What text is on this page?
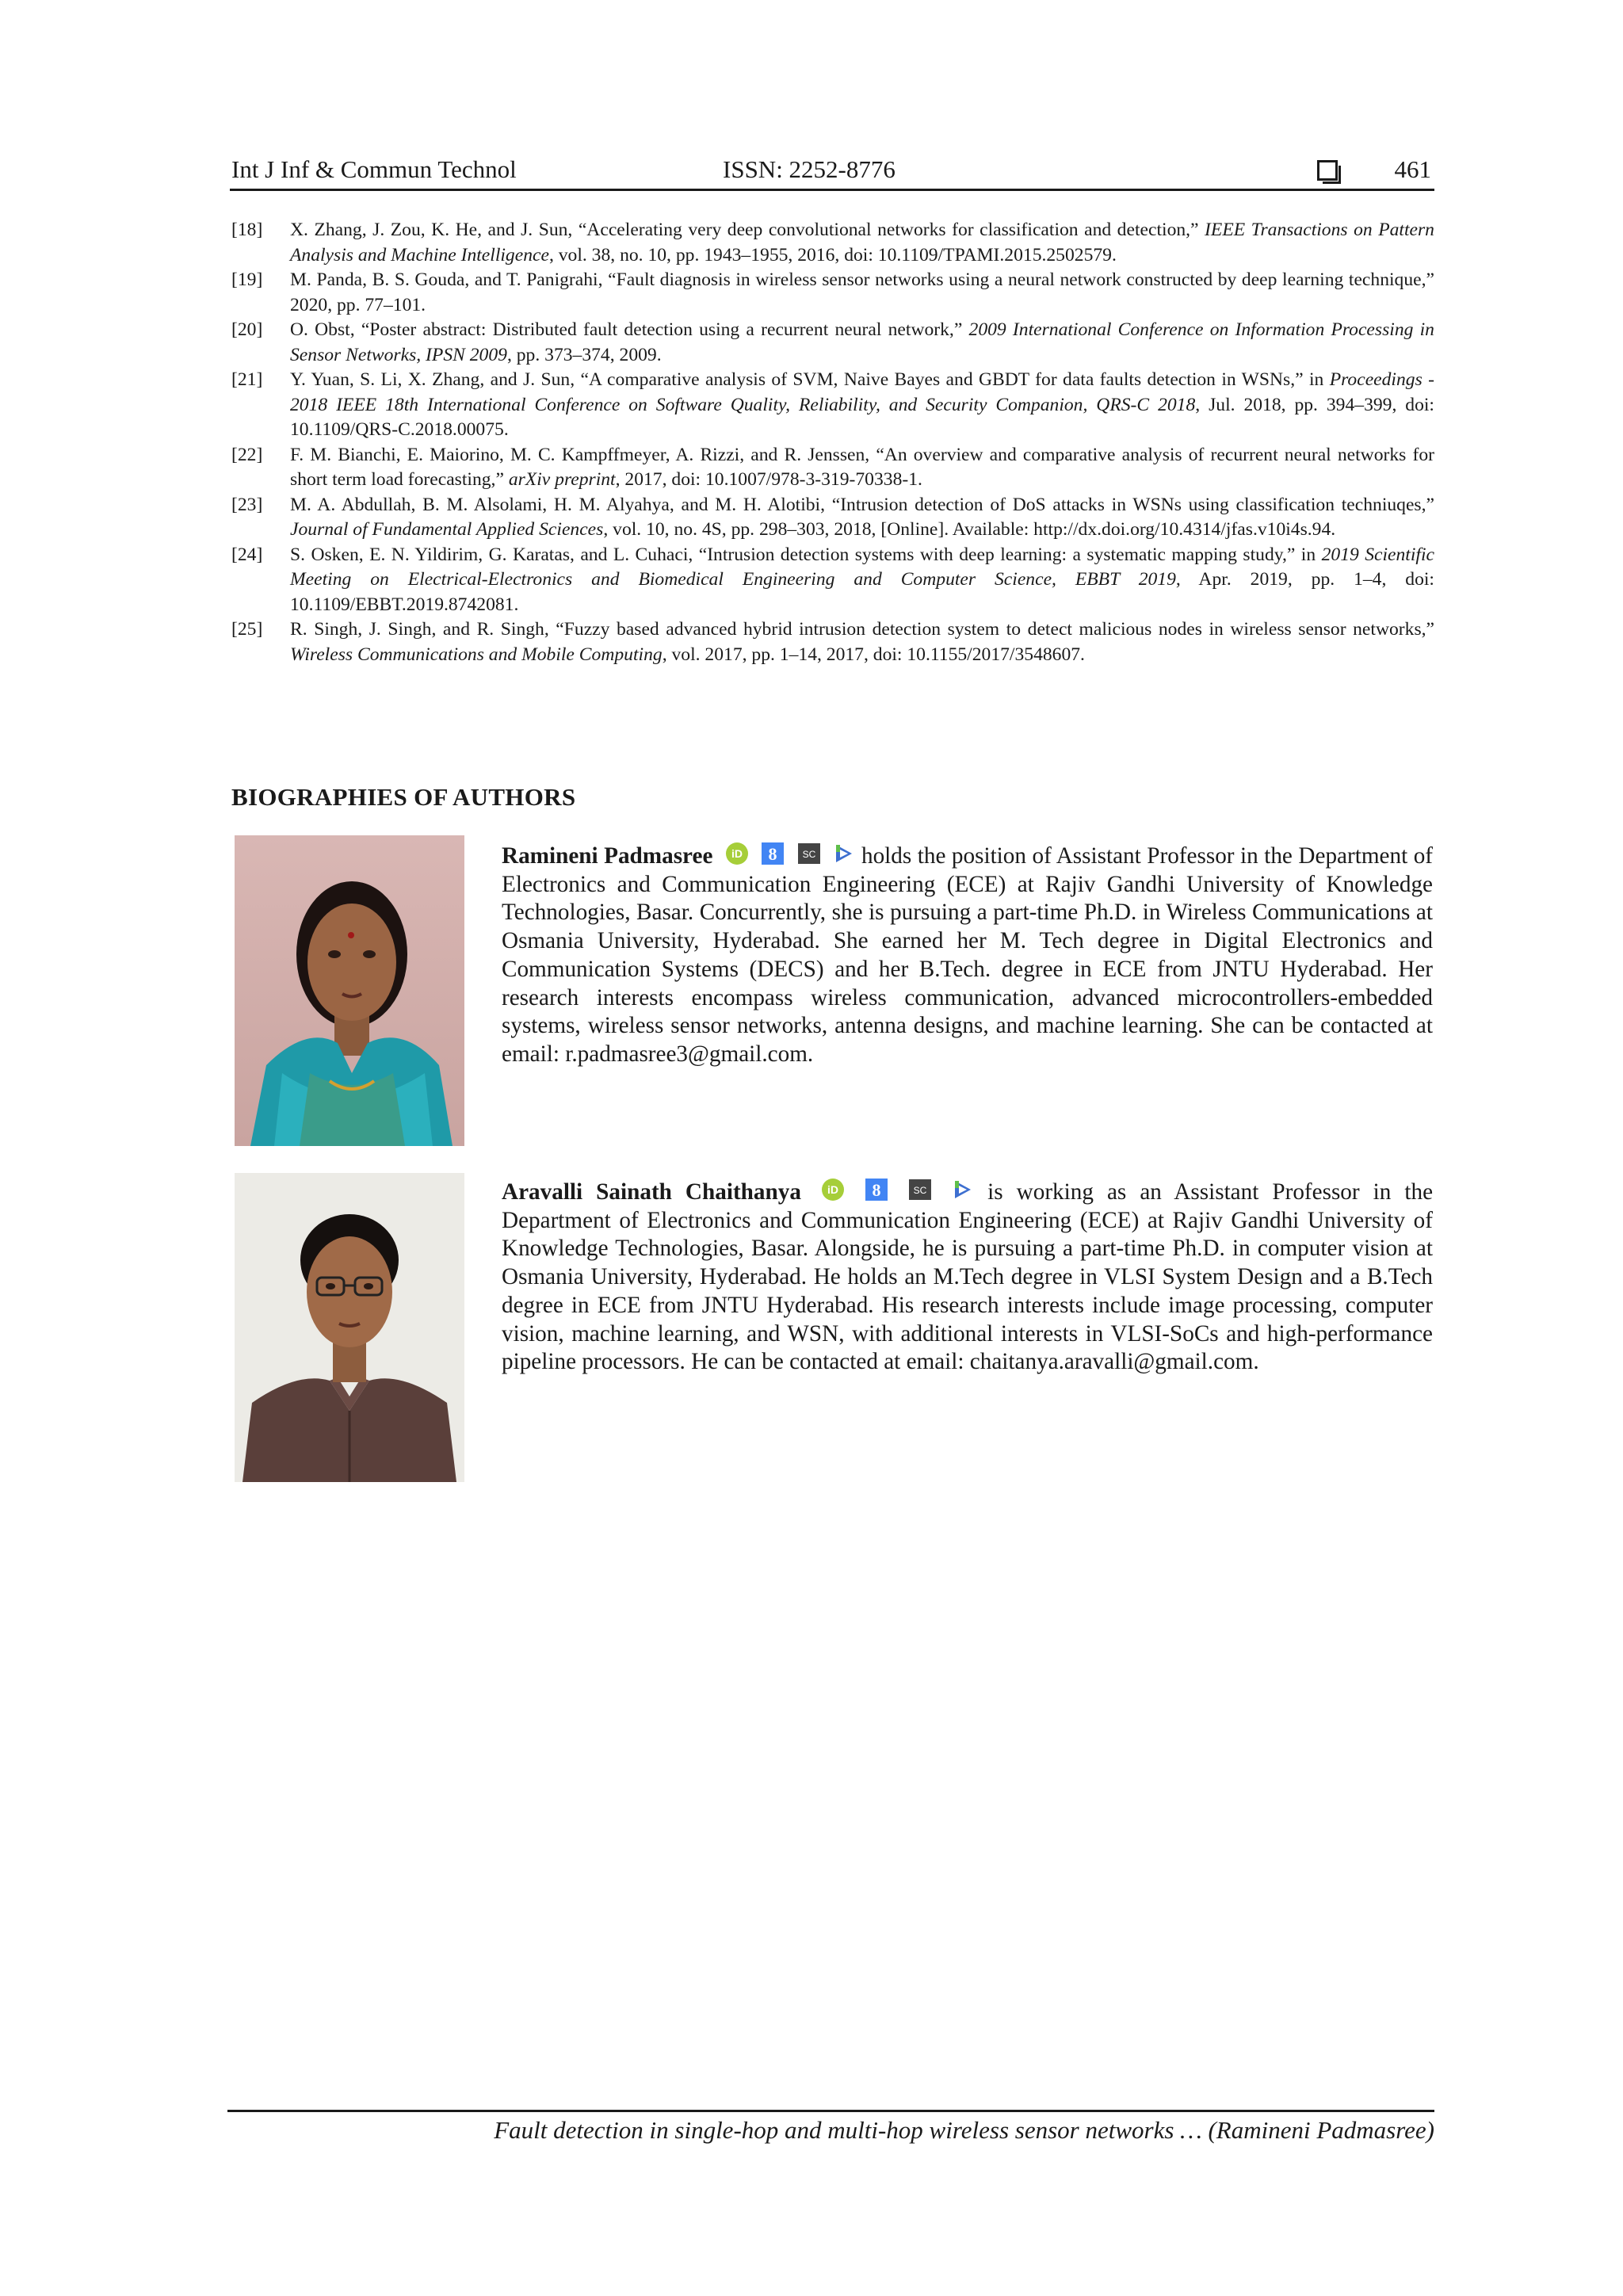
Int J Inf & Commun Technol	ISSN: 2252-8776	461
[18] X. Zhang, J. Zou, K. He, and J. Sun, “Accelerating very deep convolutional networks for classification and detection,” IEEE Transactions on Pattern Analysis and Machine Intelligence, vol. 38, no. 10, pp. 1943–1955, 2016, doi: 10.1109/TPAMI.2015.2502579.
[19] M. Panda, B. S. Gouda, and T. Panigrahi, “Fault diagnosis in wireless sensor networks using a neural network constructed by deep learning technique,” 2020, pp. 77–101.
[20] O. Obst, “Poster abstract: Distributed fault detection using a recurrent neural network,” 2009 International Conference on Information Processing in Sensor Networks, IPSN 2009, pp. 373–374, 2009.
[21] Y. Yuan, S. Li, X. Zhang, and J. Sun, “A comparative analysis of SVM, Naive Bayes and GBDT for data faults detection in WSNs,” in Proceedings - 2018 IEEE 18th International Conference on Software Quality, Reliability, and Security Companion, QRS-C 2018, Jul. 2018, pp. 394–399, doi: 10.1109/QRS-C.2018.00075.
[22] F. M. Bianchi, E. Maiorino, M. C. Kampffmeyer, A. Rizzi, and R. Jenssen, “An overview and comparative analysis of recurrent neural networks for short term load forecasting,” arXiv preprint, 2017, doi: 10.1007/978-3-319-70338-1.
[23] M. A. Abdullah, B. M. Alsolami, H. M. Alyahya, and M. H. Alotibi, “Intrusion detection of DoS attacks in WSNs using classification techniuqes,” Journal of Fundamental Applied Sciences, vol. 10, no. 4S, pp. 298–303, 2018, [Online]. Available: http://dx.doi.org/10.4314/jfas.v10i4s.94.
[24] S. Osken, E. N. Yildirim, G. Karatas, and L. Cuhaci, “Intrusion detection systems with deep learning: a systematic mapping study,” in 2019 Scientific Meeting on Electrical-Electronics and Biomedical Engineering and Computer Science, EBBT 2019, Apr. 2019, pp. 1–4, doi: 10.1109/EBBT.2019.8742081.
[25] R. Singh, J. Singh, and R. Singh, “Fuzzy based advanced hybrid intrusion detection system to detect malicious nodes in wireless sensor networks,” Wireless Communications and Mobile Computing, vol. 2017, pp. 1–14, 2017, doi: 10.1155/2017/3548607.
BIOGRAPHIES OF AUTHORS
Ramineni Padmasree iD
8
	SC
holds the position of Assistant Professor in the Department of Electronics and Communication Engineering (ECE) at Rajiv Gandhi University of Knowledge Technologies, Basar. Concurrently, she is pursuing a part-time Ph.D. in Wireless Communications at Osmania University, Hyderabad. She earned her M. Tech degree in Digital Electronics and Communication Systems (DECS) and her B.Tech. degree in ECE from JNTU Hyderabad. Her research interests encompass wireless communication, advanced microcontrollers-embedded systems, wireless sensor networks, antenna designs, and machine learning. She can be contacted at email: r.padmasree3@gmail.com.
Aravalli Sainath Chaithanya iD
8
	SC
	is working as an Assistant Professor in the Department of Electronics and Communication Engineering (ECE) at Rajiv Gandhi University of Knowledge Technologies, Basar. Alongside, he is pursuing a part-time Ph.D. in computer vision at Osmania University, Hyderabad. He holds an M.Tech degree in VLSI System Design and a B.Tech degree in ECE from JNTU Hyderabad. His research interests include image processing, computer vision, machine learning, and WSN, with additional interests in VLSI-SoCs and high-performance pipeline processors. He can be contacted at email: chaitanya.aravalli@gmail.com.
Fault detection in single-hop and multi-hop wireless sensor networks … (Ramineni Padmasree)
